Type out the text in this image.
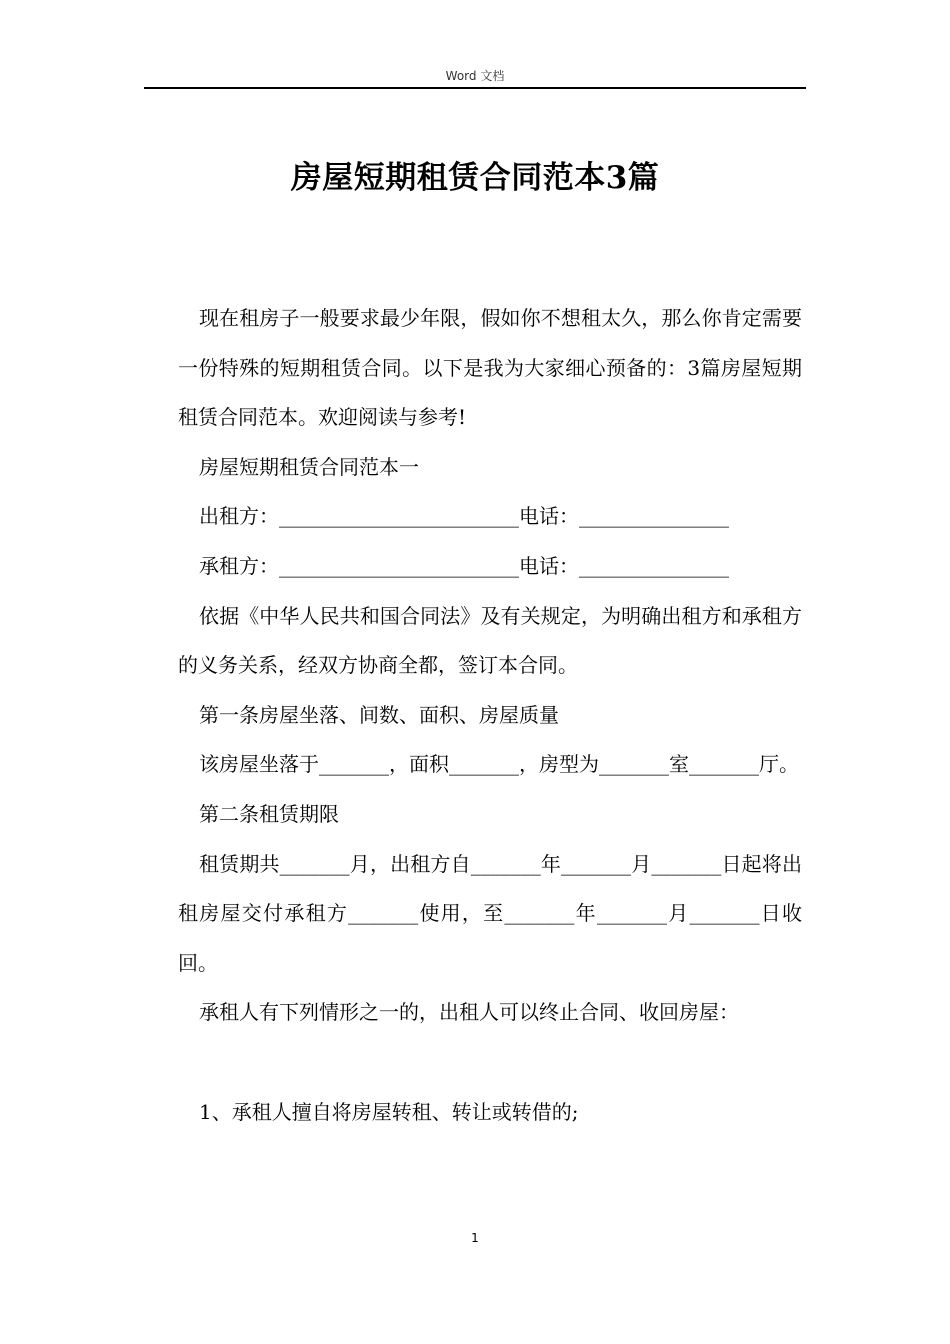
Word 文档
房屋短期租赁合同范本3篇

现在租房子一般要求最少年限，假如你不想租太久，那么你肯定需要一份特殊的短期租赁合同。以下是我为大家细心预备的：3篇房屋短期租赁合同范本。欢迎阅读与参考!

房屋短期租赁合同范本一

出租方：________________________电话：_______________

承租方：________________________电话：_______________

依据《中华人民共和国合同法》及有关规定，为明确出租方和承租方的义务关系，经双方协商全都，签订本合同。

第一条房屋坐落、间数、面积、房屋质量

该房屋坐落于_______，面积_______，房型为_______室_______厅。

第二条租赁期限

租赁期共_______月，出租方自_______年_______月_______日起将出租房屋交付承租方_______使用，至_______年_______月_______日收回。

承租人有下列情形之一的，出租人可以终止合同、收回房屋：

1、承租人擅自将房屋转租、转让或转借的;

1
